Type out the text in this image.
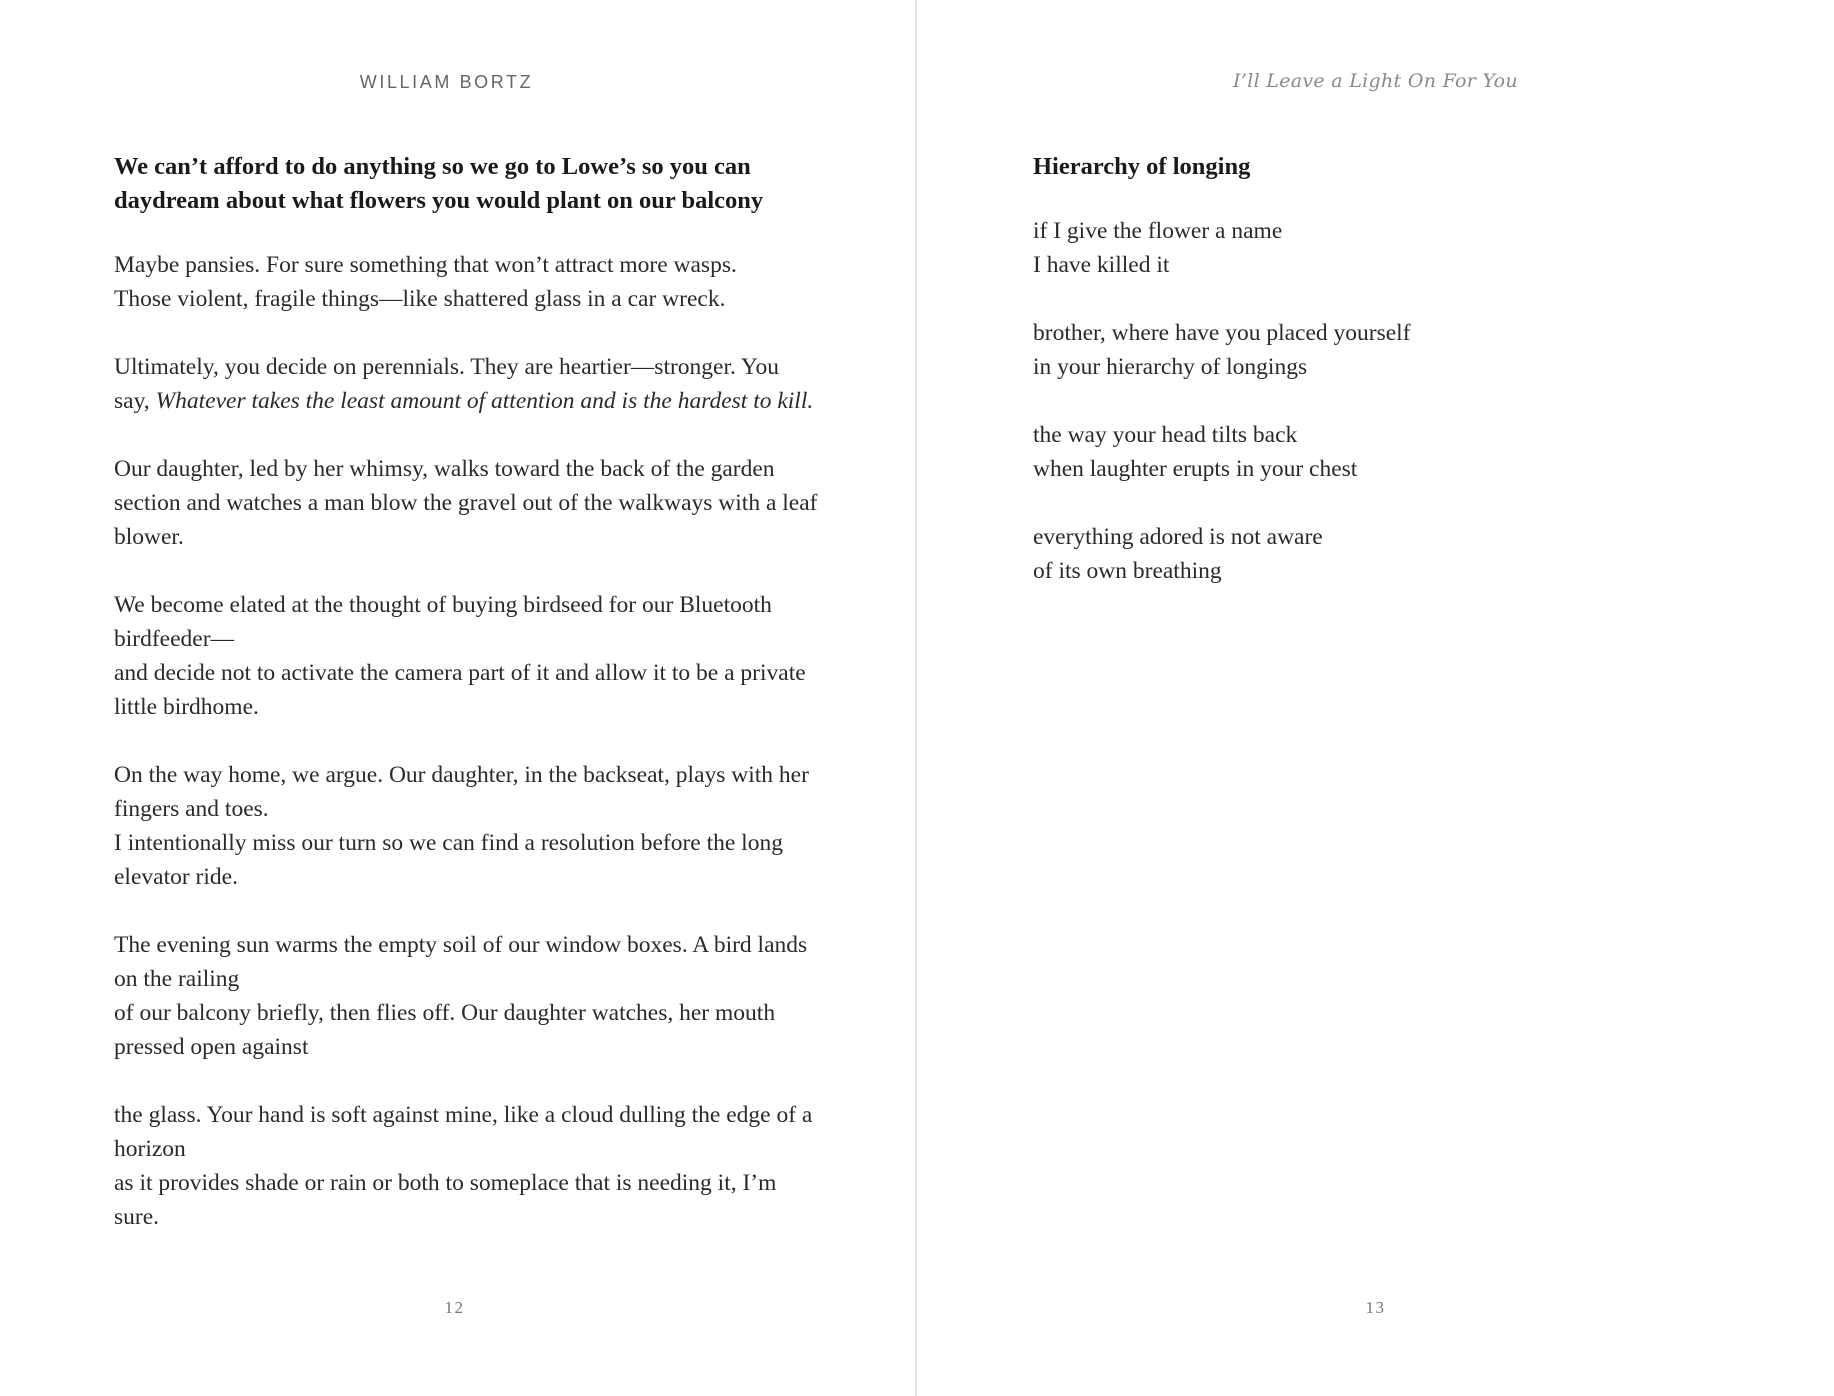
WILLIAM BORTZ
We can’t afford to do anything so we go to Lowe’s so you can
daydream about what flowers you would plant on our balcony

Maybe pansies. For sure something that won’t attract more wasps.
Those violent, fragile things—like shattered glass in a car wreck.

Ultimately, you decide on perennials. They are heartier—stronger. You
say, Whatever takes the least amount of attention and is the hardest to kill.

Our daughter, led by her whimsy, walks toward the back of the garden
section and watches a man blow the gravel out of the walkways with a leaf
blower.

We become elated at the thought of buying birdseed for our Bluetooth
birdfeeder—
and decide not to activate the camera part of it and allow it to be a private
little birdhome.

On the way home, we argue. Our daughter, in the backseat, plays with her
fingers and toes.
I intentionally miss our turn so we can find a resolution before the long
elevator ride.

The evening sun warms the empty soil of our window boxes. A bird lands
on the railing
of our balcony briefly, then flies off. Our daughter watches, her mouth
pressed open against

the glass. Your hand is soft against mine, like a cloud dulling the edge of a
horizon
as it provides shade or rain or both to someplace that is needing it, I’m
sure.

12
I’ll Leave a Light On For You
Hierarchy of longing

if I give the flower a name
I have killed it

brother, where have you placed yourself
in your hierarchy of longings

the way your head tilts back
when laughter erupts in your chest

everything adored is not aware
of its own breathing

13
